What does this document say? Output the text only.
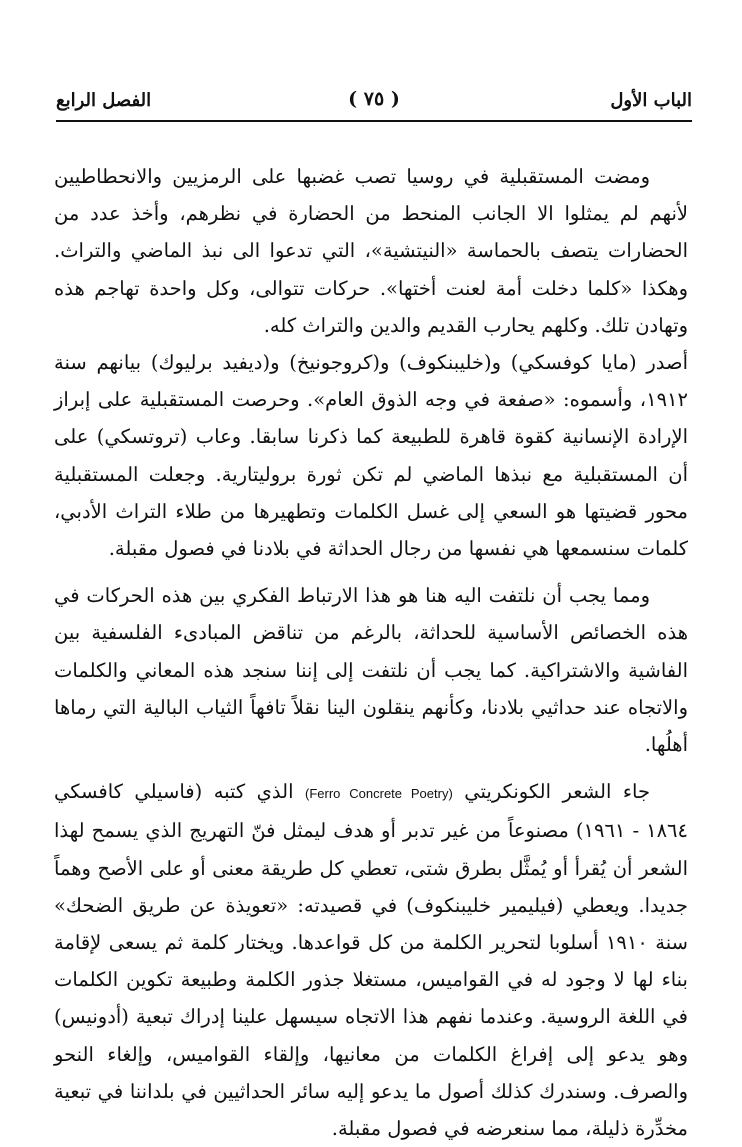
الباب الأول
( ٧٥ )
الفصل الرابع

ومضت المستقبلية في روسيا تصب غضبها على الرمزيين والانحطاطيين لأنهم لم يمثلوا الا الجانب المنحط من الحضارة في نظرهم، وأخذ عدد من الحضارات يتصف بالحماسة «النيتشية»، التي تدعوا الى نبذ الماضي والتراث. وهكذا «كلما دخلت أمة لعنت أختها». حركات تتوالى، وكل واحدة تهاجم هذه وتهادن تلك. وكلهم يحارب القديم والدين والتراث كله.

أصدر (مايا كوفسكي) و(خليبنكوف) و(كروجونيخ) و(ديفيد برليوك) بيانهم سنة ١٩١٢، وأسموه: «صفعة في وجه الذوق العام». وحرصت المستقبلية على إبراز الإرادة الإنسانية كقوة قاهرة للطبيعة كما ذكرنا سابقا. وعاب (تروتسكي) على أن المستقبلية مع نبذها الماضي لم تكن ثورة بروليتارية. وجعلت المستقبلية محور قضيتها هو السعي إلى غسل الكلمات وتطهيرها من طلاء التراث الأدبي، كلمات سنسمعها هي نفسها من رجال الحداثة في بلادنا في فصول مقبلة.

ومما يجب أن نلتفت اليه هنا هو هذا الارتباط الفكري بين هذه الحركات في هذه الخصائص الأساسية للحداثة، بالرغم من تناقض المبادىء الفلسفية بين الفاشية والاشتراكية. كما يجب أن نلتفت إلى إننا سنجد هذه المعاني والكلمات والاتجاه عند حداثيي بلادنا، وكأنهم ينقلون الينا نقلاً تافهاً الثياب البالية التي رماها أهلُها.

جاء الشعر الكونكريتي (Ferro Concrete Poetry) الذي كتبه (فاسيلي كافسكي ١٨٦٤ - ١٩٦١) مصنوعاً من غير تدبر أو هدف ليمثل فنّ التهريج الذي يسمح لهذا الشعر أن يُقرأ أو يُمثَّل بطرق شتى، تعطي كل طريقة معنى أو على الأصح وهماً جديدا. ويعطي (فيليمير خليبنكوف) في قصيدته: «تعويذة عن طريق الضحك» سنة ١٩١٠ أسلوبا لتحرير الكلمة من كل قواعدها. ويختار كلمة ثم يسعى لإقامة بناء لها لا وجود له في القواميس، مستغلا جذور الكلمة وطبيعة تكوين الكلمات في اللغة الروسية. وعندما نفهم هذا الاتجاه سيسهل علينا إدراك تبعية (أدونيس) وهو يدعو إلى إفراغ الكلمات من معانيها، وإلقاء القواميس، وإلغاء النحو والصرف. وسندرك كذلك أصول ما يدعو إليه سائر الحداثيين في بلداننا في تبعية مخدِّرة ذليلة، مما سنعرضه في فصول مقبلة.
